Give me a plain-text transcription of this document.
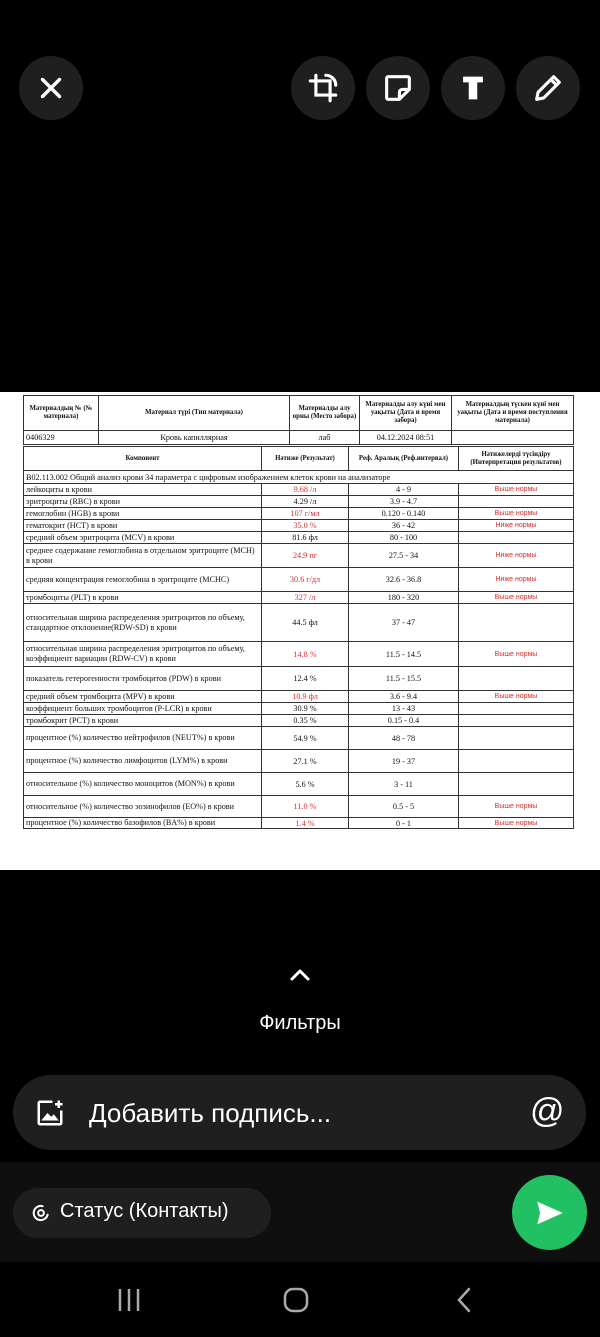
Материалдың № (№ материала)	Материал түрі (Тип материала)	Материалды алу орны (Место забора)	Материалды алу күні мен уақыты (Дата и время забора)	Материалдың түскен күні мен уақыты (Дата и время поступления материала)
0406329	Кровь капиллярная	лаб	04.12.2024 08:51	
Компонент	Нәтиже (Результат)	Реф. Аралық (Реф.интервал)	Нәтижелерді түсіндіру (Интерпретация результатов)
B02.113.002 Общий анализ крови 34 параметра с цифровым изображением клеток крови на анализаторе			
лейкоциты в крови	9.68 /л	4 - 9	Выше нормы
эритроциты (RBC) в крови	4.29 /л	3.9 - 4.7	
гемоглобин (HGB) в крови	107 г/мл	0.120 - 0.140	Выше нормы
гематокрит (HCT) в крови	35.0 %	36 - 42	Ниже нормы
средний объем эритроцита (MCV) в крови	81.6 фл	80 - 100	
среднее содержание гемоглобина в отдельном эритроците (MCH) в крови	24.9 пг	27.5 - 34	Ниже нормы
средняя концентрация гемоглобина в эритроците (MCHC)	30.6 г/дл	32.6 - 36.8	Ниже нормы
тромбоциты (PLT) в крови	327 /л	180 - 320	Выше нормы
относительная ширина распределения эритроцитов по объему, стандартное отклонение(RDW-SD) в крови	44.5 фл	37 - 47	
относительная ширина распределения эритроцитов по объему, коэффициент вариации (RDW-CV) в крови	14.8 %	11.5 - 14.5	Выше нормы
показатель гетерогенности тромбоцитов (PDW) в крови	12.4 %	11.5 - 15.5	
средний объем тромбоцита (MPV) в крови	10.9 фл	3.6 - 9.4	Выше нормы
коэффициент больших тромбоцитов (P-LCR) в крови	30.9 %	13 - 43	
тромбокрит (PCT) в крови	0.35 %	0.15 - 0.4	
процентное (%) количество нейтрофилов (NEUT%) в крови	54.9 %	48 - 78	
процентное (%) количество лимфоцитов (LYM%) в крови	27.1 %	19 - 37	
относительное (%) количество моноцитов (MON%) в крови	5.6 %	3 - 11	
относительное (%) количество эозинофилов (EO%) в крови	11.0 %	0.5 - 5	Выше нормы
процентное (%) количество базофилов (BA%) в крови	1.4 %	0 - 1	Выше нормы
Фильтры
Добавить подпись...	@
Статус (Контакты)
